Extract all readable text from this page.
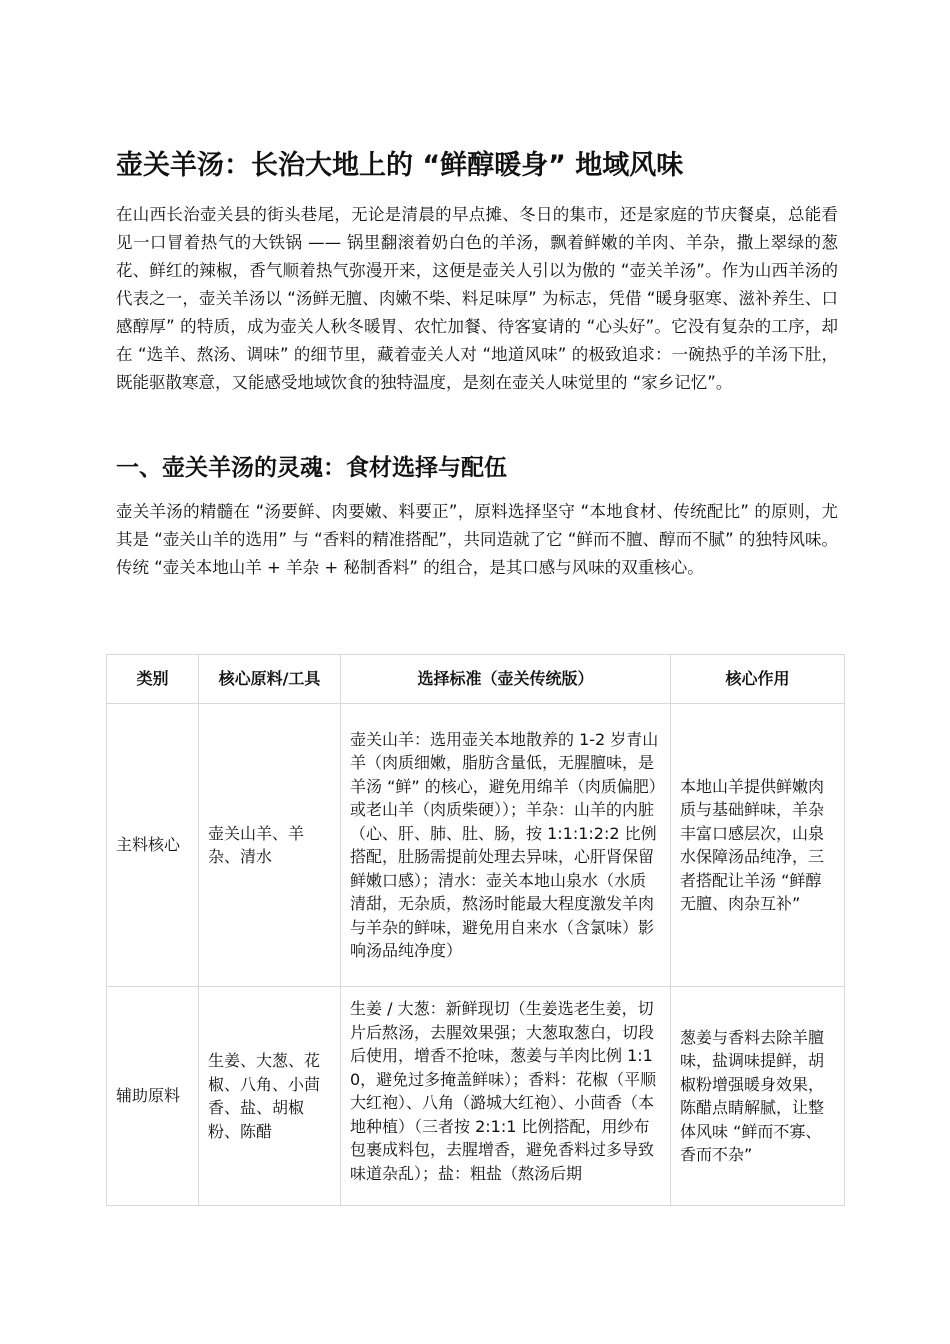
壶关羊汤：长治大地上的 “鲜醇暖身” 地域风味

在山西长治壶关县的街头巷尾，无论是清晨的早点摊、冬日的集市，还是家庭的节庆餐桌，总能看见一口冒着热气的大铁锅 —— 锅里翻滚着奶白色的羊汤，飘着鲜嫩的羊肉、羊杂，撒上翠绿的葱花、鲜红的辣椒，香气顺着热气弥漫开来，这便是壶关人引以为傲的 “壶关羊汤”。作为山西羊汤的代表之一，壶关羊汤以 “汤鲜无膻、肉嫩不柴、料足味厚” 为标志，凭借 “暖身驱寒、滋补养生、口感醇厚” 的特质，成为壶关人秋冬暖胃、农忙加餐、待客宴请的 “心头好”。它没有复杂的工序，却在 “选羊、熬汤、调味” 的细节里，藏着壶关人对 “地道风味” 的极致追求：一碗热乎的羊汤下肚，既能驱散寒意，又能感受地域饮食的独特温度，是刻在壶关人味觉里的 “家乡记忆”。

一、壶关羊汤的灵魂：食材选择与配伍

壶关羊汤的精髓在 “汤要鲜、肉要嫩、料要正”，原料选择坚守 “本地食材、传统配比” 的原则，尤其是 “壶关山羊的选用” 与 “香料的精准搭配”，共同造就了它 “鲜而不膻、醇而不腻” 的独特风味。传统 “壶关本地山羊 + 羊杂 + 秘制香料” 的组合，是其口感与风味的双重核心。

类别	核心原料/工具	选择标准（壶关传统版）	核心作用
主料核心	壶关山羊、羊杂、清水	壶关山羊：选用壶关本地散养的 1-2 岁青山羊（肉质细嫩，脂肪含量低，无腥膻味，是羊汤 “鲜” 的核心，避免用绵羊（肉质偏肥）或老山羊（肉质柴硬））；羊杂：山羊的内脏（心、肝、肺、肚、肠，按 1:1:1:2:2 比例搭配，肚肠需提前处理去异味，心肝肾保留鲜嫩口感）；清水：壶关本地山泉水（水质清甜，无杂质，熬汤时能最大程度激发羊肉与羊杂的鲜味，避免用自来水（含氯味）影响汤品纯净度）	本地山羊提供鲜嫩肉质与基础鲜味，羊杂丰富口感层次，山泉水保障汤品纯净，三者搭配让羊汤 “鲜醇无膻、肉杂互补”
辅助原料	生姜、大葱、花椒、八角、小茴香、盐、胡椒粉、陈醋	生姜 / 大葱：新鲜现切（生姜选老生姜，切片后熬汤，去腥效果强；大葱取葱白，切段后使用，增香不抢味，葱姜与羊肉比例 1:10，避免过多掩盖鲜味）；香料：花椒（平顺大红袍）、八角（潞城大红袍）、小茴香（本地种植）（三者按 2:1:1 比例搭配，用纱布包裹成料包，去腥增香，避免香料过多导致味道杂乱）；盐：粗盐（熬汤后期	葱姜与香料去除羊膻味，盐调味提鲜，胡椒粉增强暖身效果，陈醋点睛解腻，让整体风味 “鲜而不寡、香而不杂”
